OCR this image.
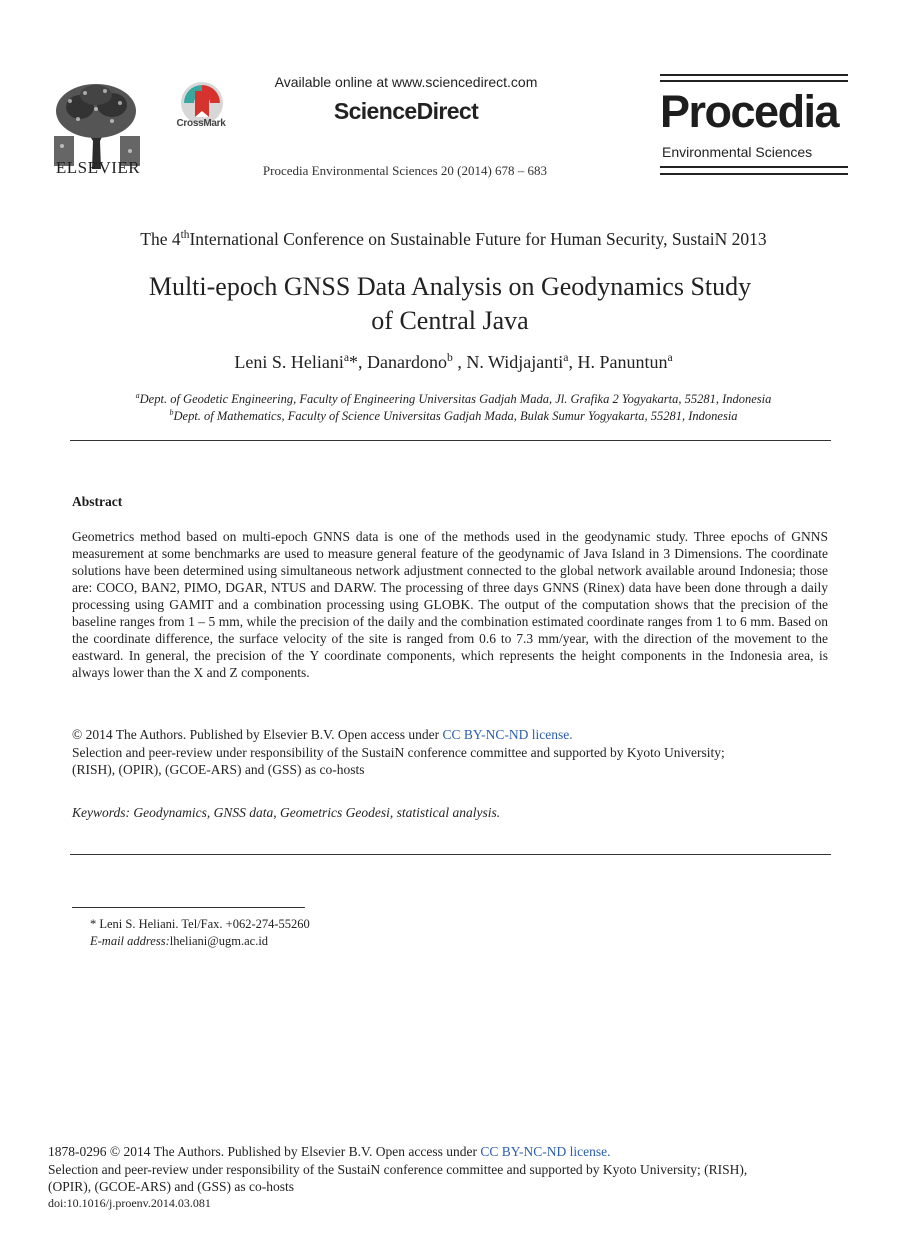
ELSEVIER
CrossMark
Available online at www.sciencedirect.com
ScienceDirect
Procedia Environmental Sciences 20 (2014) 678 – 683
Procedia
Environmental Sciences
The 4thInternational Conference on Sustainable Future for Human Security, SustaiN 2013
Multi-epoch GNSS Data Analysis on Geodynamics Study
of Central Java
Leni S. Heliani$^a$*, Danardono$^b$ , N. Widjajanti$^a$, H. Panuntun$^a$
$^a$Dept. of Geodetic Engineering, Faculty of Engineering Universitas Gadjah Mada, Jl. Grafika 2 Yogyakarta, 55281, Indonesia
$^b$Dept. of Mathematics, Faculty of Science Universitas Gadjah Mada, Bulak Sumur Yogyakarta, 55281, Indonesia
Abstract
Geometrics method based on multi-epoch GNNS data is one of the methods used in the geodynamic study. Three epochs of GNNS measurement at some benchmarks are used to measure general feature of the geodynamic of Java Island in 3 Dimensions. The coordinate solutions have been determined using simultaneous network adjustment connected to the global network available around Indonesia; those are: COCO, BAN2, PIMO, DGAR, NTUS and DARW. The processing of three days GNNS (Rinex) data have been done through a daily processing using GAMIT and a combination processing using GLOBK. The output of the computation shows that the precision of the baseline ranges from 1 – 5 mm, while the precision of the daily and the combination estimated coordinate ranges from 1 to 6 mm. Based on the coordinate difference, the surface velocity of the site is ranged from 0.6 to 7.3 mm/year, with the direction of the movement to the eastward. In general, the precision of the Y coordinate components, which represents the height components in the Indonesia area, is always lower than the X and Z components.
© 2014 The Authors. Published by Elsevier B.V. Open access under CC BY-NC-ND license.
Selection and peer-review under responsibility of the SustaiN conference committee and supported by Kyoto University;
(RISH), (OPIR), (GCOE-ARS) and (GSS) as co-hosts
Keywords: Geodynamics, GNSS data, Geometrics Geodesi, statistical analysis.
* Leni S. Heliani. Tel/Fax. +062-274-55260
E-mail address:lheliani@ugm.ac.id
1878-0296 © 2014 The Authors. Published by Elsevier B.V. Open access under CC BY-NC-ND license.
Selection and peer-review under responsibility of the SustaiN conference committee and supported by Kyoto University; (RISH),
(OPIR), (GCOE-ARS) and (GSS) as co-hosts
doi:10.1016/j.proenv.2014.03.081
